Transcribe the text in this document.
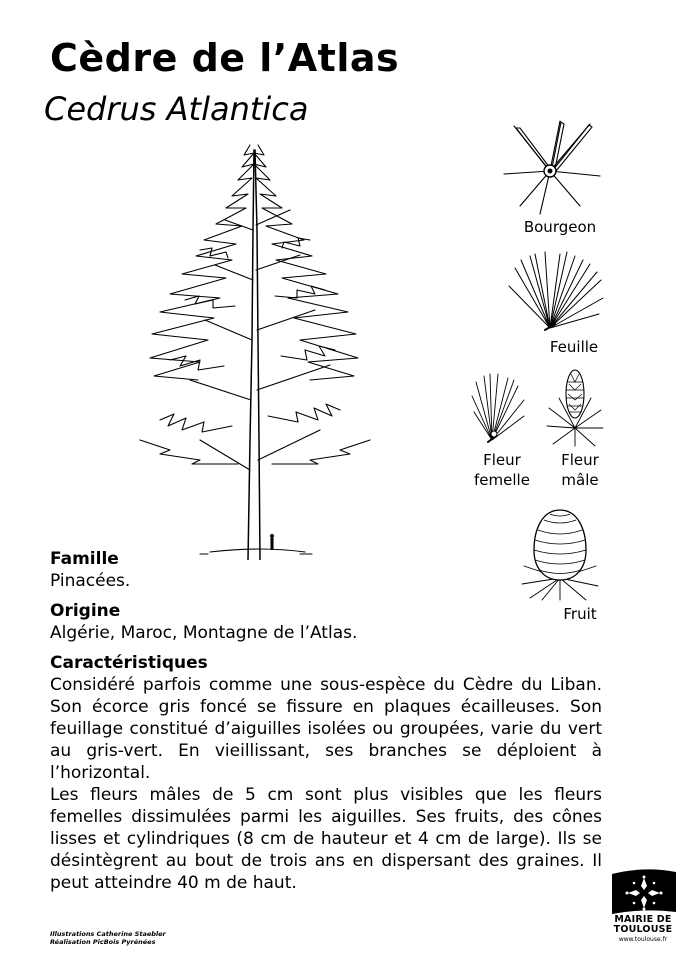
Cèdre de l’Atlas
Cedrus Atlantica
Bourgeon
Feuille
Fleur
femelle
Fleur
mâle
Fruit
Famille

Pinacées.

Origine

Algérie, Maroc, Montagne de l’Atlas.

Caractéristiques

Considéré parfois comme une sous-espèce du Cèdre du Liban. Son écorce gris foncé se fissure en plaques écailleuses. Son feuillage constitué d’aiguilles isolées ou groupées, varie du vert au gris-vert. En vieillissant, ses branches se déploient à l’horizontal.

Les fleurs mâles de 5 cm sont plus visibles que les fleurs femelles dissimulées parmi les aiguilles. Ses fruits, des cônes lisses et cylindriques (8 cm de hauteur et 4 cm de large). Ils se désintègrent au bout de trois ans en dispersant des graines. Il peut atteindre 40 m de haut.

Illustrations Catherine Staebler
Réalisation PicBois Pyrénées
MAIRIE DE
TOULOUSE
www.toulouse.fr
